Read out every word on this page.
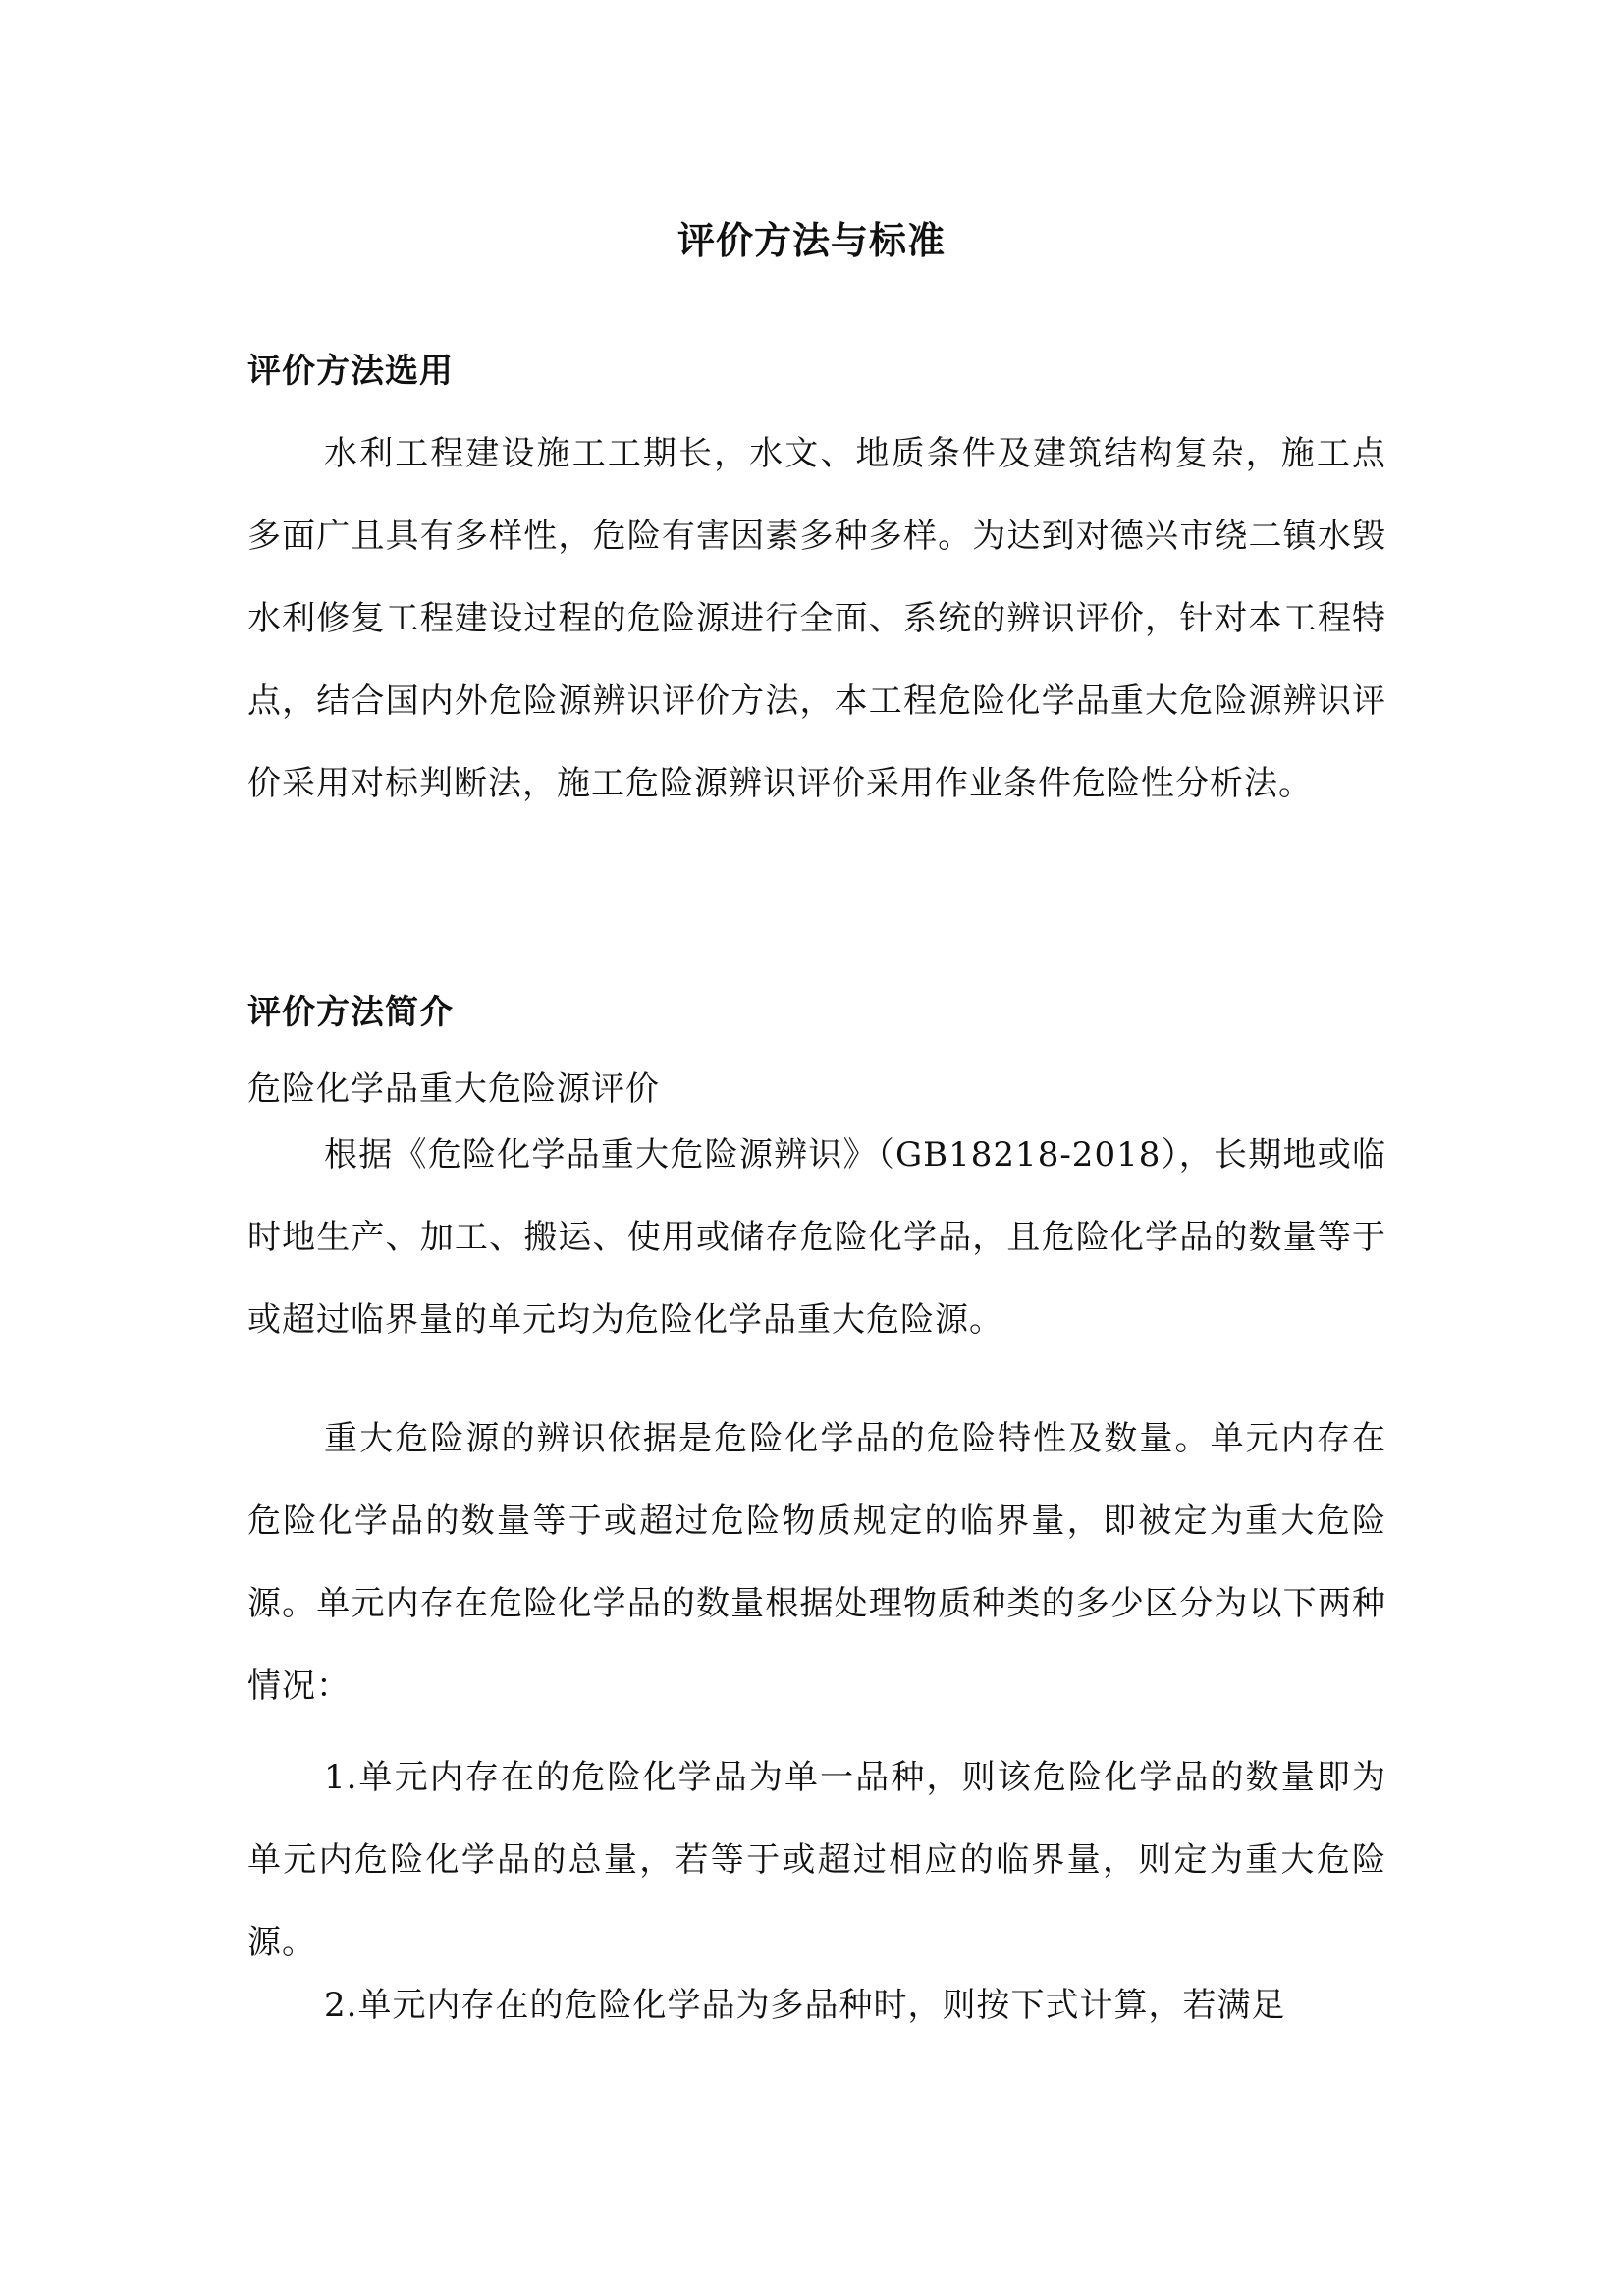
评价方法与标准
评价方法选用
水利工程建设施工工期长，水文、地质条件及建筑结构复杂，施工点多面广且具有多样性，危险有害因素多种多样。为达到对德兴市绕二镇水毁水利修复工程建设过程的危险源进行全面、系统的辨识评价，针对本工程特点，结合国内外危险源辨识评价方法，本工程危险化学品重大危险源辨识评价采用对标判断法，施工危险源辨识评价采用作业条件危险性分析法。
评价方法简介
危险化学品重大危险源评价
根据《危险化学品重大危险源辨识》（GB18218-2018），长期地或临时地生产、加工、搬运、使用或储存危险化学品，且危险化学品的数量等于或超过临界量的单元均为危险化学品重大危险源。
重大危险源的辨识依据是危险化学品的危险特性及数量。单元内存在危险化学品的数量等于或超过危险物质规定的临界量，即被定为重大危险源。单元内存在危险化学品的数量根据处理物质种类的多少区分为以下两种情况：
1.单元内存在的危险化学品为单一品种，则该危险化学品的数量即为单元内危险化学品的总量，若等于或超过相应的临界量，则定为重大危险源。
2.单元内存在的危险化学品为多品种时，则按下式计算，若满足
